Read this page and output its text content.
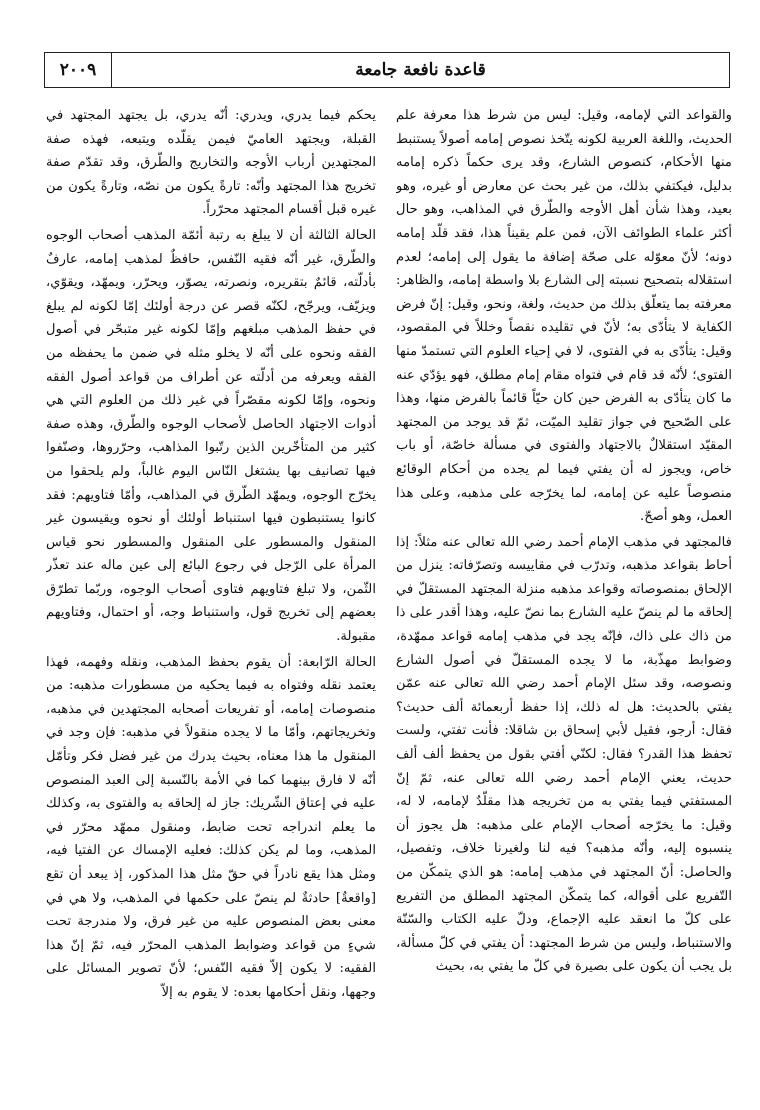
٢٠٠٩	قاعدة نافعة جامعة

والقواعد التي لإمامه، وقيل: ليس من شرط هذا معرفة علم الحديث، واللغة العربية لكونه يتّخذ نصوص إمامه أصولاً يستنبط منها الأحكام، كنصوص الشارع، وقد يرى حكماً ذكره إمامه بدليل، فيكتفي بذلك، من غير بحث عن معارض أو غيره، وهو بعيد، وهذا شأن أهل الأوجه والطّرق في المذاهب، وهو حال أكثر علماء الطوائف الآن، فمن علم يقيناً هذا، فقد قلّد إمامه دونه؛ لأنّ معوّله على صحّة إضافة ما يقول إلى إمامه؛ لعدم استقلاله بتصحيح نسبته إلى الشارع بلا واسطة إمامه، والظاهر: معرفته بما يتعلّق بذلك من حديث، ولغة، ونحو، وقيل: إنّ فرض الكفاية لا يتأدّى به؛ لأنّ في تقليده نقصاً وخللاً في المقصود، وقيل: يتأدّى به في الفتوى، لا في إحياء العلوم التي تستمدّ منها الفتوى؛ لأنّه قد قام في فتواه مقام إمام مطلق، فهو يؤدّي عنه ما كان يتأدّى به الفرض حين كان حيّاً قائماً بالفرض منها، وهذا على الصّحيح في جواز تقليد الميّت، ثمّ قد يوجد من المجتهد المقيّد استقلالٌ بالاجتهاد والفتوى في مسألة خاصّة، أو باب خاص، ويجوز له أن يفتي فيما لم يجده من أحكام الوقائع منصوصاً عليه عن إمامه، لما يخرّجه على مذهبه، وعلى هذا العمل، وهو أصحّ.

فالمجتهد في مذهب الإمام أحمد رضي الله تعالى عنه مثلاً: إذا أحاط بقواعد مذهبه، وتدرّب في مقاييسه وتصرّفاته: ينزل من الإلحاق بمنصوصاته وقواعد مذهبه منزلة المجتهد المستقلّ في إلحاقه ما لم ينصّ عليه الشارع بما نصّ عليه، وهذا أقدر على ذا من ذاك على ذاك، فإنّه يجد في مذهب إمامه قواعد ممهّدة، وضوابط مهذّبة، ما لا يجده المستقلّ في أصول الشارع ونصوصه، وقد سئل الإمام أحمد رضي الله تعالى عنه عمّن يفتي بالحديث: هل له ذلك، إذا حفظ أربعمائة ألف حديث؟ فقال: أرجو، فقيل لأبي إسحاق بن شاقلا: فأنت تفتي، ولست تحفظ هذا القدر؟ فقال: لكنّي أفتي بقول من يحفظ ألف ألف حديث، يعني الإمام أحمد رضي الله تعالى عنه، ثمّ إنّ المستفتي فيما يفتي به من تخريجه هذا مقلّدٌ لإمامه، لا له، وقيل: ما يخرّجه أصحاب الإمام على مذهبه: هل يجوز أن ينسبوه إليه، وأنّه مذهبه؟ فيه لنا ولغيرنا خلاف، وتفصيل، والحاصل: أنّ المجتهد في مذهب إمامه: هو الذي يتمكّن من التّفريع على أقواله، كما يتمكّن المجتهد المطلق من التفريع على كلّ ما انعقد عليه الإجماع، ودلّ عليه الكتاب والسّنّة والاستنباط، وليس من شرط المجتهد: أن يفتي في كلّ مسألة، بل يجب أن يكون على بصيرة في كلّ ما يفتي به، بحيث

يحكم فيما يدري، ويدري: أنّه يدري، بل يجتهد المجتهد في القبلة، ويجتهد العاميّ فيمن يقلّده ويتبعه، فهذه صفة المجتهدين أرباب الأوجه والتخاريج والطّرق، وقد تقدّم صفة تخريج هذا المجتهد وأنّه: تارةً يكون من نصّه، وتارةً يكون من غيره قبل أقسام المجتهد محرّراً.

الحالة الثالثة أن لا يبلغ به رتبة أئمّة المذهب أصحاب الوجوه والطّرق، غير أنّه فقيه النّفس، حافظٌ لمذهب إمامه، عارفٌ بأدلّته، قائمٌ بتقريره، ونصرته، يصوّر، ويحرّر، ويمهّد، ويقوّي، ويزيّف، ويرجّح، لكنّه قصر عن درجة أولئك إمّا لكونه لم يبلغ في حفظ المذهب مبلغهم وإمّا لكونه غير متبحّر في أصول الفقه ونحوه على أنّه لا يخلو مثله في ضمن ما يحفظه من الفقه ويعرفه من أدلّته عن أطراف من قواعد أصول الفقه ونحوه، وإمّا لكونه مقصّراً في غير ذلك من العلوم التي هي أدوات الاجتهاد الحاصل لأصحاب الوجوه والطّرق، وهذه صفة كثير من المتأخّرين الذين رتّبوا المذاهب، وحرّروها، وصنّفوا فيها تصانيف بها يشتغل النّاس اليوم غالباً، ولم يلحقوا من يخرّج الوجوه، ويمهّد الطّرق في المذاهب، وأمّا فتاويهم: فقد كانوا يستنبطون فيها استنباط أولئك أو نحوه ويقيسون غير المنقول والمسطور على المنقول والمسطور نحو قياس المرأة على الرّجل في رجوع البائع إلى عين ماله عند تعذّر الثّمن، ولا تبلغ فتاويهم فتاوى أصحاب الوجوه، وربّما تطرّق بعضهم إلى تخريج قول، واستنباط وجه، أو احتمال، وفتاويهم مقبولة.

الحالة الرّابعة: أن يقوم بحفظ المذهب، ونقله وفهمه، فهذا يعتمد نقله وفتواه به فيما يحكيه من مسطورات مذهبه: من منصوصات إمامه، أو تفريعات أصحابه المجتهدين في مذهبه، وتخريجاتهم، وأمّا ما لا يجده منقولاً في مذهبه: فإن وجد في المنقول ما هذا معناه، بحيث يدرك من غير فضل فكر وتأمّل أنّه لا فارق بينهما كما في الأمة بالنّسبة إلى العبد المنصوص عليه في إعتاق الشّريك: جاز له إلحاقه به والفتوى به، وكذلك ما يعلم اندراجه تحت ضابط، ومنقول ممهّد محرّر في المذهب، وما لم يكن كذلك: فعليه الإمساك عن الفتيا فيه، ومثل هذا يقع نادراً في حقّ مثل هذا المذكور، إذ يبعد أن تقع [واقعةٌ] حادثةٌ لم ينصّ على حكمها في المذهب، ولا هي في معنى بعض المنصوص عليه من غير فرق، ولا مندرجة تحت شيءٍ من قواعد وضوابط المذهب المحرّر فيه، ثمّ إنّ هذا الفقيه: لا يكون إلاّ فقيه النّفس؛ لأنّ تصوير المسائل على وجهها، ونقل أحكامها بعده: لا يقوم به إلاّ
